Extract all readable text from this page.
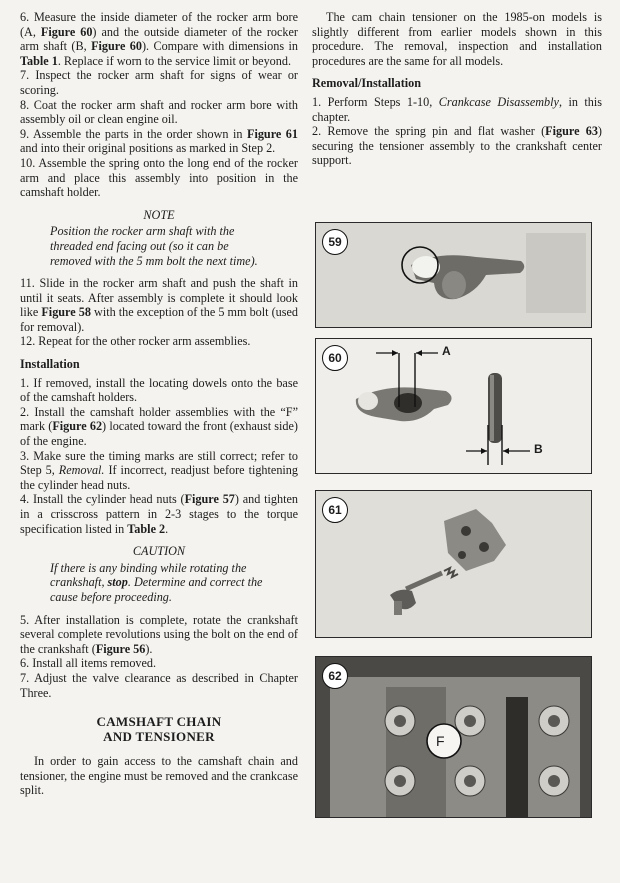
6. Measure the inside diameter of the rocker arm bore (A, Figure 60) and the outside diameter of the rocker arm shaft (B, Figure 60). Compare with dimensions in Table 1. Replace if worn to the service limit or beyond.

7. Inspect the rocker arm shaft for signs of wear or scoring.

8. Coat the rocker arm shaft and rocker arm bore with assembly oil or clean engine oil.

9. Assemble the parts in the order shown in Figure 61 and into their original positions as marked in Step 2.

10. Assemble the spring onto the long end of the rocker arm and place this assembly into position in the camshaft holder.

NOTE
Position the rocker arm shaft with the threaded end facing out (so it can be removed with the 5 mm bolt the next time).

11. Slide in the rocker arm shaft and push the shaft in until it seats. After assembly is complete it should look like Figure 58 with the exception of the 5 mm bolt (used for removal).

12. Repeat for the other rocker arm assemblies.

Installation

1. If removed, install the locating dowels onto the base of the camshaft holders.

2. Install the camshaft holder assemblies with the “F” mark (Figure 62) located toward the front (exhaust side) of the engine.

3. Make sure the timing marks are still correct; refer to Step 5, Removal. If incorrect, readjust before tightening the cylinder head nuts.

4. Install the cylinder head nuts (Figure 57) and tighten in a crisscross pattern in 2-3 stages to the torque specification listed in Table 2.

CAUTION
If there is any binding while rotating the crankshaft, stop. Determine and correct the cause before proceeding.

5. After installation is complete, rotate the crankshaft several complete revolutions using the bolt on the end of the crankshaft (Figure 56).

6. Install all items removed.

7. Adjust the valve clearance as described in Chapter Three.

CAMSHAFT CHAIN
AND TENSIONER

In order to gain access to the camshaft chain and tensioner, the engine must be removed and the crankcase split.

The cam chain tensioner on the 1985-on models is slightly different from earlier models shown in this procedure. The removal, inspection and installation procedures are the same for all models.

Removal/Installation

1. Perform Steps 1-10, Crankcase Disassembly, in this chapter.

2. Remove the spring pin and flat washer (Figure 63) securing the tensioner assembly to the crankshaft center support.

59
60	A
B
61
62
F
